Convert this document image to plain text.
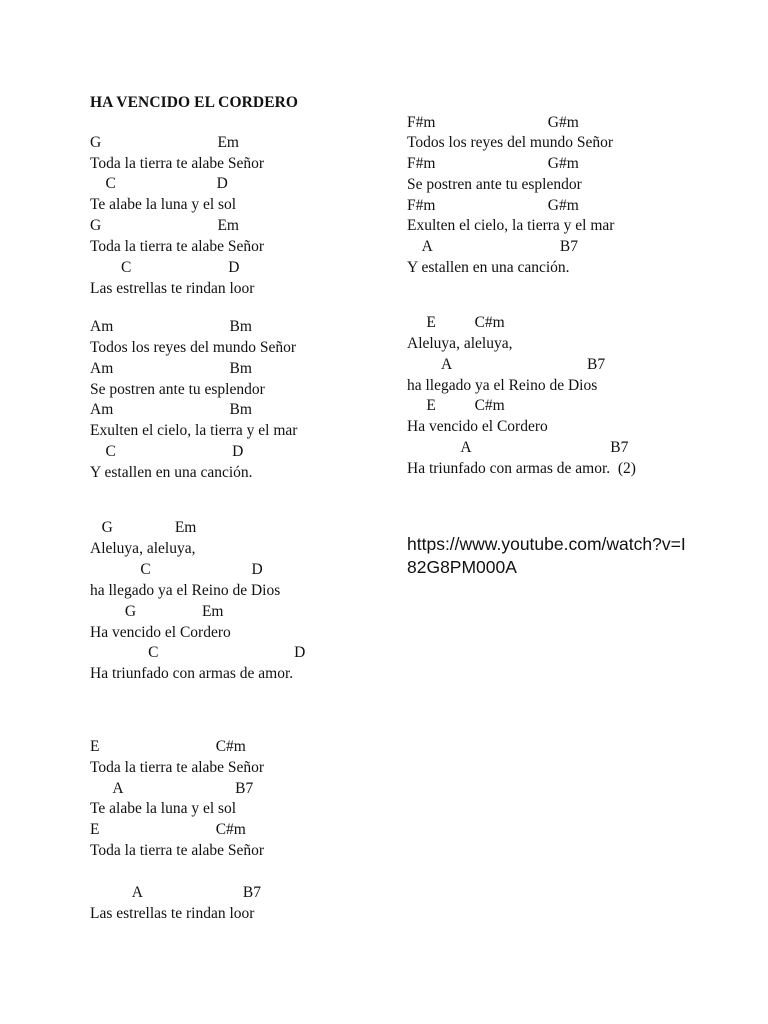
HA VENCIDO EL CORDERO
G                              Em
Toda la tierra te alabe Señor
C                          D
Te alabe la luna y el sol
G                              Em
Toda la tierra te alabe Señor
C                         D
Las estrellas te rindan loor
Am                              Bm
Todos los reyes del mundo Señor
Am                              Bm
Se postren ante tu esplendor
Am                              Bm
Exulten el cielo, la tierra y el mar
C                              D
Y estallen en una canción.
G                Em
Aleluya, aleluya,
C                          D
ha llegado ya el Reino de Dios
G                 Em
Ha vencido el Cordero
C                                   D
Ha triunfado con armas de amor.
E                              C#m
Toda la tierra te alabe Señor
A                             B7
Te alabe la luna y el sol
E                              C#m
Toda la tierra te alabe Señor
A                          B7
Las estrellas te rindan loor
F#m                             G#m
Todos los reyes del mundo Señor
F#m                             G#m
Se postren ante tu esplendor
F#m                             G#m
Exulten el cielo, la tierra y el mar
A                                 B7
Y estallen en una canción.
E          C#m
Aleluya, aleluya,
A                                   B7
ha llegado ya el Reino de Dios
E          C#m
Ha vencido el Cordero
A                                    B7
Ha triunfado con armas de amor.  (2)
https://www.youtube.com/watch?v=I82G8PM000A
